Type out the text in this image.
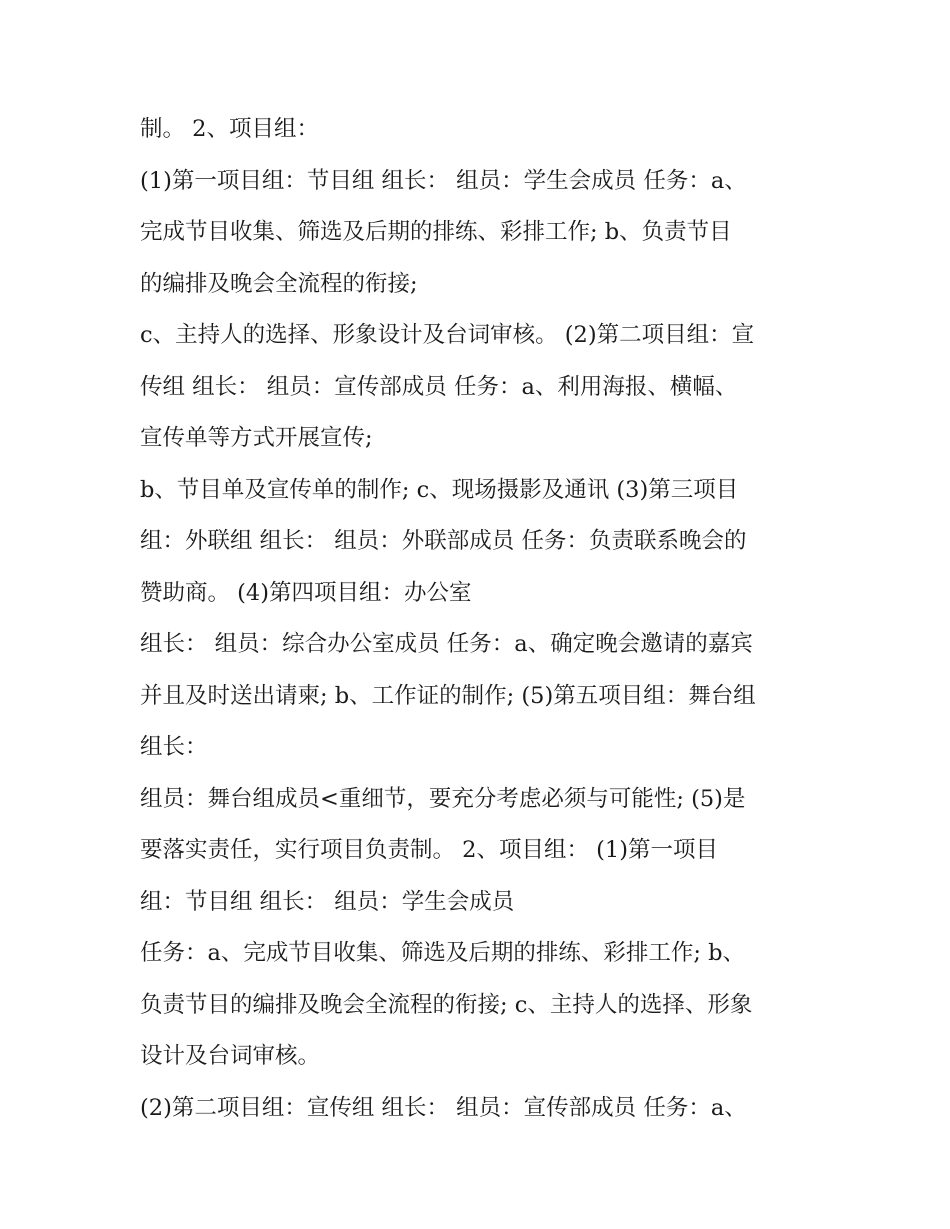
制。 2、项目组：
(1)第一项目组：节目组 组长： 组员：学生会成员 任务：a、
完成节目收集、筛选及后期的排练、彩排工作; b、负责节目
的编排及晚会全流程的衔接;
c、主持人的选择、形象设计及台词审核。 (2)第二项目组：宣
传组 组长： 组员：宣传部成员 任务：a、利用海报、横幅、
宣传单等方式开展宣传;
b、节目单及宣传单的制作; c、现场摄影及通讯 (3)第三项目
组：外联组 组长： 组员：外联部成员 任务：负责联系晚会的
赞助商。 (4)第四项目组：办公室
组长： 组员：综合办公室成员 任务：a、确定晚会邀请的嘉宾
并且及时送出请柬; b、工作证的制作; (5)第五项目组：舞台组
组长：
组员：舞台组成员<重细节，要充分考虑必须与可能性; (5)是
要落实责任，实行项目负责制。 2、项目组： (1)第一项目
组：节目组 组长： 组员：学生会成员
任务：a、完成节目收集、筛选及后期的排练、彩排工作; b、
负责节目的编排及晚会全流程的衔接; c、主持人的选择、形象
设计及台词审核。
(2)第二项目组：宣传组 组长： 组员：宣传部成员 任务：a、
